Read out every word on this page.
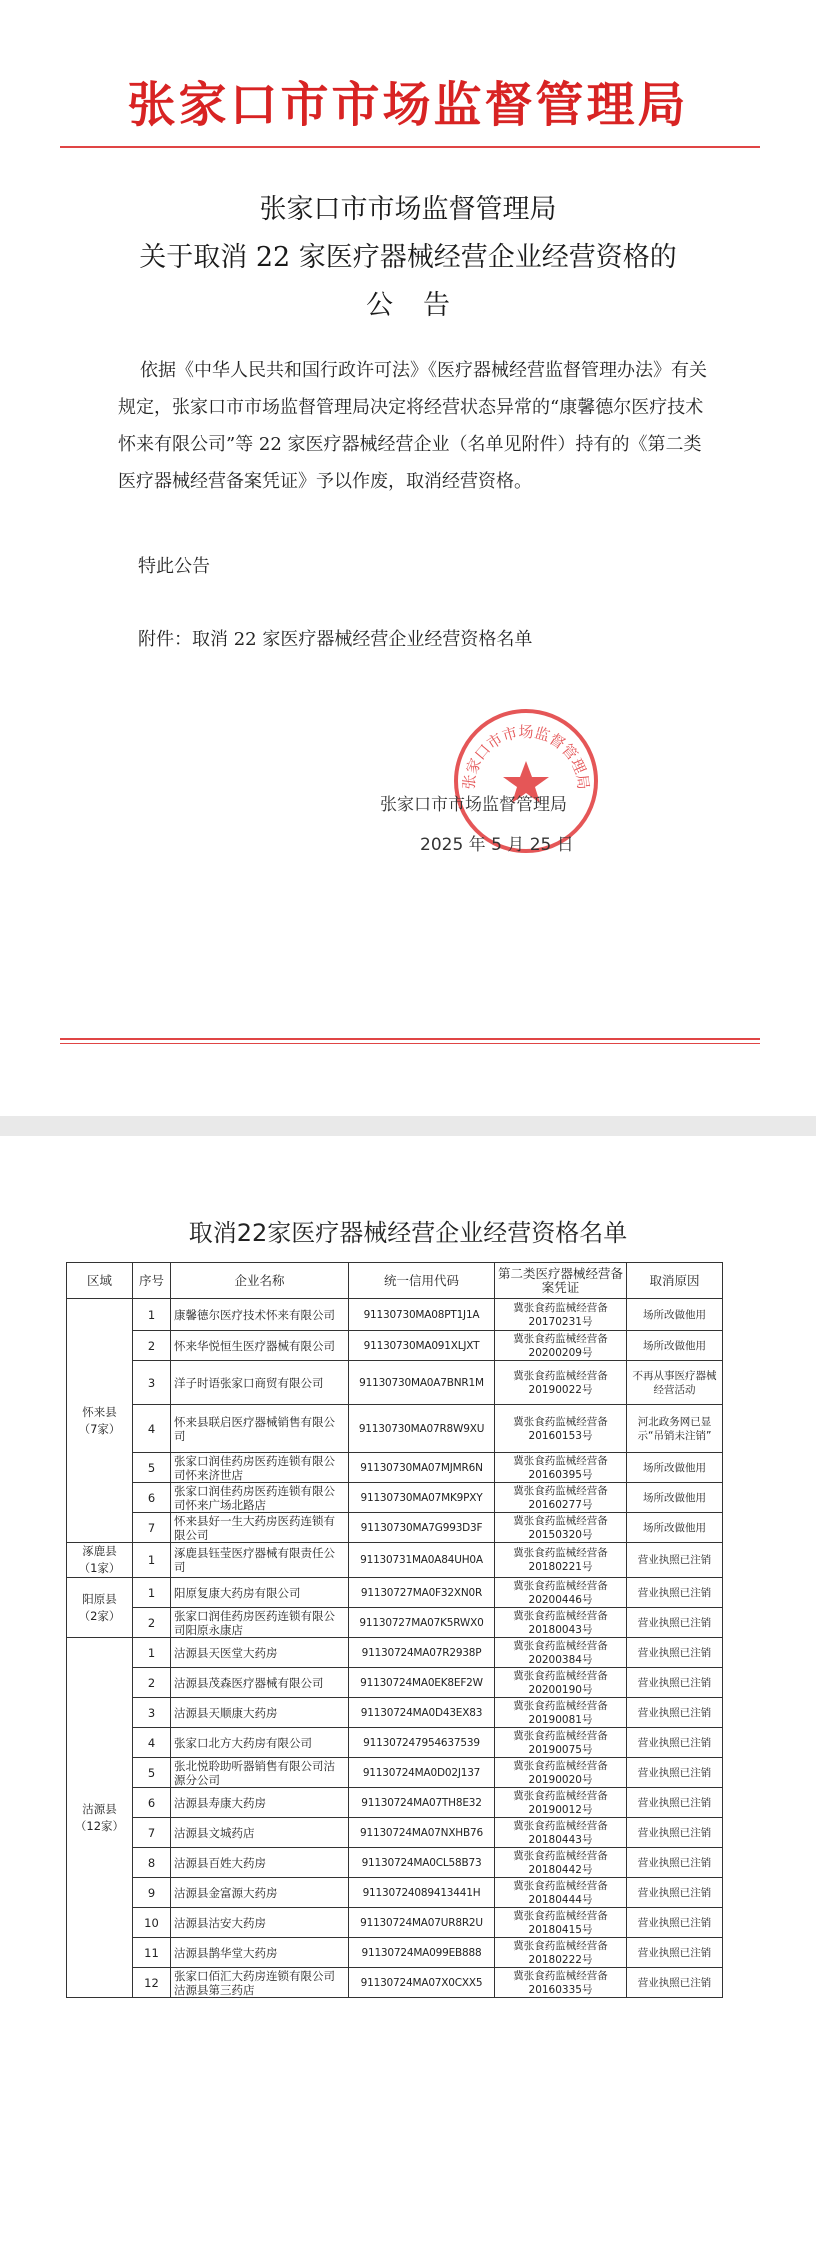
张家口市市场监督管理局
张家口市市场监督管理局
关于取消 22 家医疗器械经营企业经营资格的
公告

依据《中华人民共和国行政许可法》《医疗器械经营监督管理办法》有关规定，张家口市市场监督管理局决定将经营状态异常的“康馨德尔医疗技术怀来有限公司”等 22 家医疗器械经营企业（名单见附件）持有的《第二类医疗器械经营备案凭证》予以作废，取消经营资格。

特此公告
附件：取消 22 家医疗器械经营企业经营资格名单
张家口市市场监督管理局
张家口市市场监督管理局
2025 年 5 月 25 日
取消22家医疗器械经营企业经营资格名单
区域	序号	企业名称	统一信用代码	第二类医疗器械经营备案凭证	取消原因
怀来县
（7家）	1	康馨德尔医疗技术怀来有限公司	91130730MA08PT1J1A	冀张食药监械经营备20170231号	场所改做他用
	2	怀来华悦恒生医疗器械有限公司	91130730MA091XLJXT	冀张食药监械经营备20200209号	场所改做他用
	3	洋子时语张家口商贸有限公司	91130730MA0A7BNR1M	冀张食药监械经营备20190022号	不再从事医疗器械经营活动
	4	怀来县联启医疗器械销售有限公司	91130730MA07R8W9XU	冀张食药监械经营备20160153号	河北政务网已显示“吊销未注销”
	5	张家口润佳药房医药连锁有限公司怀来济世店	91130730MA07MJMR6N	冀张食药监械经营备20160395号	场所改做他用
	6	张家口润佳药房医药连锁有限公司怀来广场北路店	91130730MA07MK9PXY	冀张食药监械经营备20160277号	场所改做他用
	7	怀来县好一生大药房医药连锁有限公司	91130730MA7G993D3F	冀张食药监械经营备20150320号	场所改做他用
涿鹿县
（1家）	1	涿鹿县钰莹医疗器械有限责任公司	91130731MA0A84UH0A	冀张食药监械经营备20180221号	营业执照已注销
阳原县
（2家）	1	阳原复康大药房有限公司	91130727MA0F32XN0R	冀张食药监械经营备20200446号	营业执照已注销
	2	张家口润佳药房医药连锁有限公司阳原永康店	91130727MA07K5RWX0	冀张食药监械经营备20180043号	营业执照已注销
沽源县
（12家）	1	沽源县天医堂大药房	91130724MA07R2938P	冀张食药监械经营备20200384号	营业执照已注销
	2	沽源县茂森医疗器械有限公司	91130724MA0EK8EF2W	冀张食药监械经营备20200190号	营业执照已注销
	3	沽源县天顺康大药房	91130724MA0D43EX83	冀张食药监械经营备20190081号	营业执照已注销
	4	张家口北方大药房有限公司	911307247954637539	冀张食药监械经营备20190075号	营业执照已注销
	5	张北悦聆助听器销售有限公司沽源分公司	91130724MA0D02J137	冀张食药监械经营备20190020号	营业执照已注销
	6	沽源县寿康大药房	91130724MA07TH8E32	冀张食药监械经营备20190012号	营业执照已注销
	7	沽源县文城药店	91130724MA07NXHB76	冀张食药监械经营备20180443号	营业执照已注销
	8	沽源县百姓大药房	91130724MA0CL58B73	冀张食药监械经营备20180442号	营业执照已注销
	9	沽源县金富源大药房	91130724089413441H	冀张食药监械经营备20180444号	营业执照已注销
	10	沽源县沽安大药房	91130724MA07UR8R2U	冀张食药监械经营备20180415号	营业执照已注销
	11	沽源县鹊华堂大药房	91130724MA099EB888	冀张食药监械经营备20180222号	营业执照已注销
	12	张家口佰汇大药房连锁有限公司沽源县第三药店	91130724MA07X0CXX5	冀张食药监械经营备20160335号	营业执照已注销
